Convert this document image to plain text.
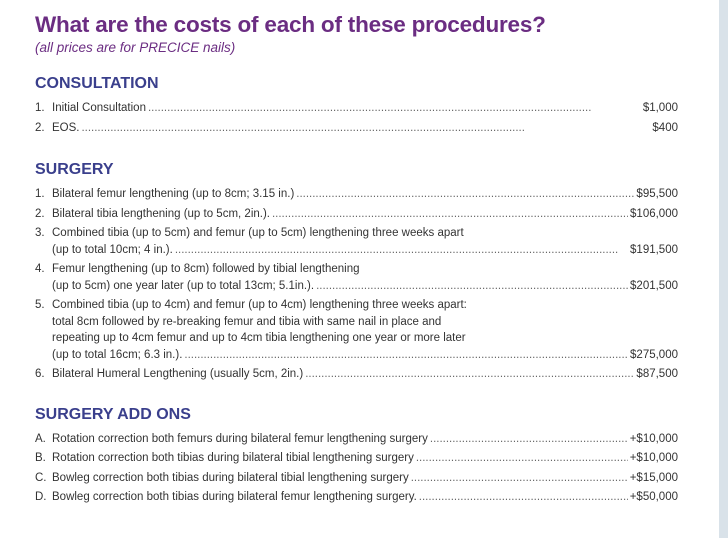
What are the costs of each of these procedures?
(all prices are for PRECICE nails)
CONSULTATION
1. Initial Consultation . . .	$1,000
2. EOS. . . .	$400
SURGERY
1. Bilateral femur lengthening (up to 8cm; 3.15 in.) . . .	$95,500
2. Bilateral tibia lengthening (up to 5cm, 2in.). . . .	$106,000
3. Combined tibia (up to 5cm) and femur (up to 5cm) lengthening three weeks apart
(up to total 10cm; 4 in.). . . .	$191,500
4. Femur lengthening (up to 8cm) followed by tibial lengthening
(up to 5cm) one year later (up to total 13cm; 5.1in.). . . .	$201,500
5. Combined tibia (up to 4cm) and femur (up to 4cm) lengthening three weeks apart:
total 8cm followed by re-breaking femur and tibia with same nail in place and
repeating up to 4cm femur and up to 4cm tibia lengthening one year or more later
(up to total 16cm; 6.3 in.). . . .	$275,000
6. Bilateral Humeral Lengthening (usually 5cm, 2in.) . . .	$87,500
SURGERY ADD ONS
A. Rotation correction both femurs during bilateral femur lengthening surgery . . .	+$10,000
B. Rotation correction both tibias during bilateral tibial lengthening surgery . . .	+$10,000
C. Bowleg correction both tibias during bilateral tibial lengthening surgery . . .	+$15,000
D. Bowleg correction both tibias during bilateral femur lengthening surgery. . . .	+$50,000
